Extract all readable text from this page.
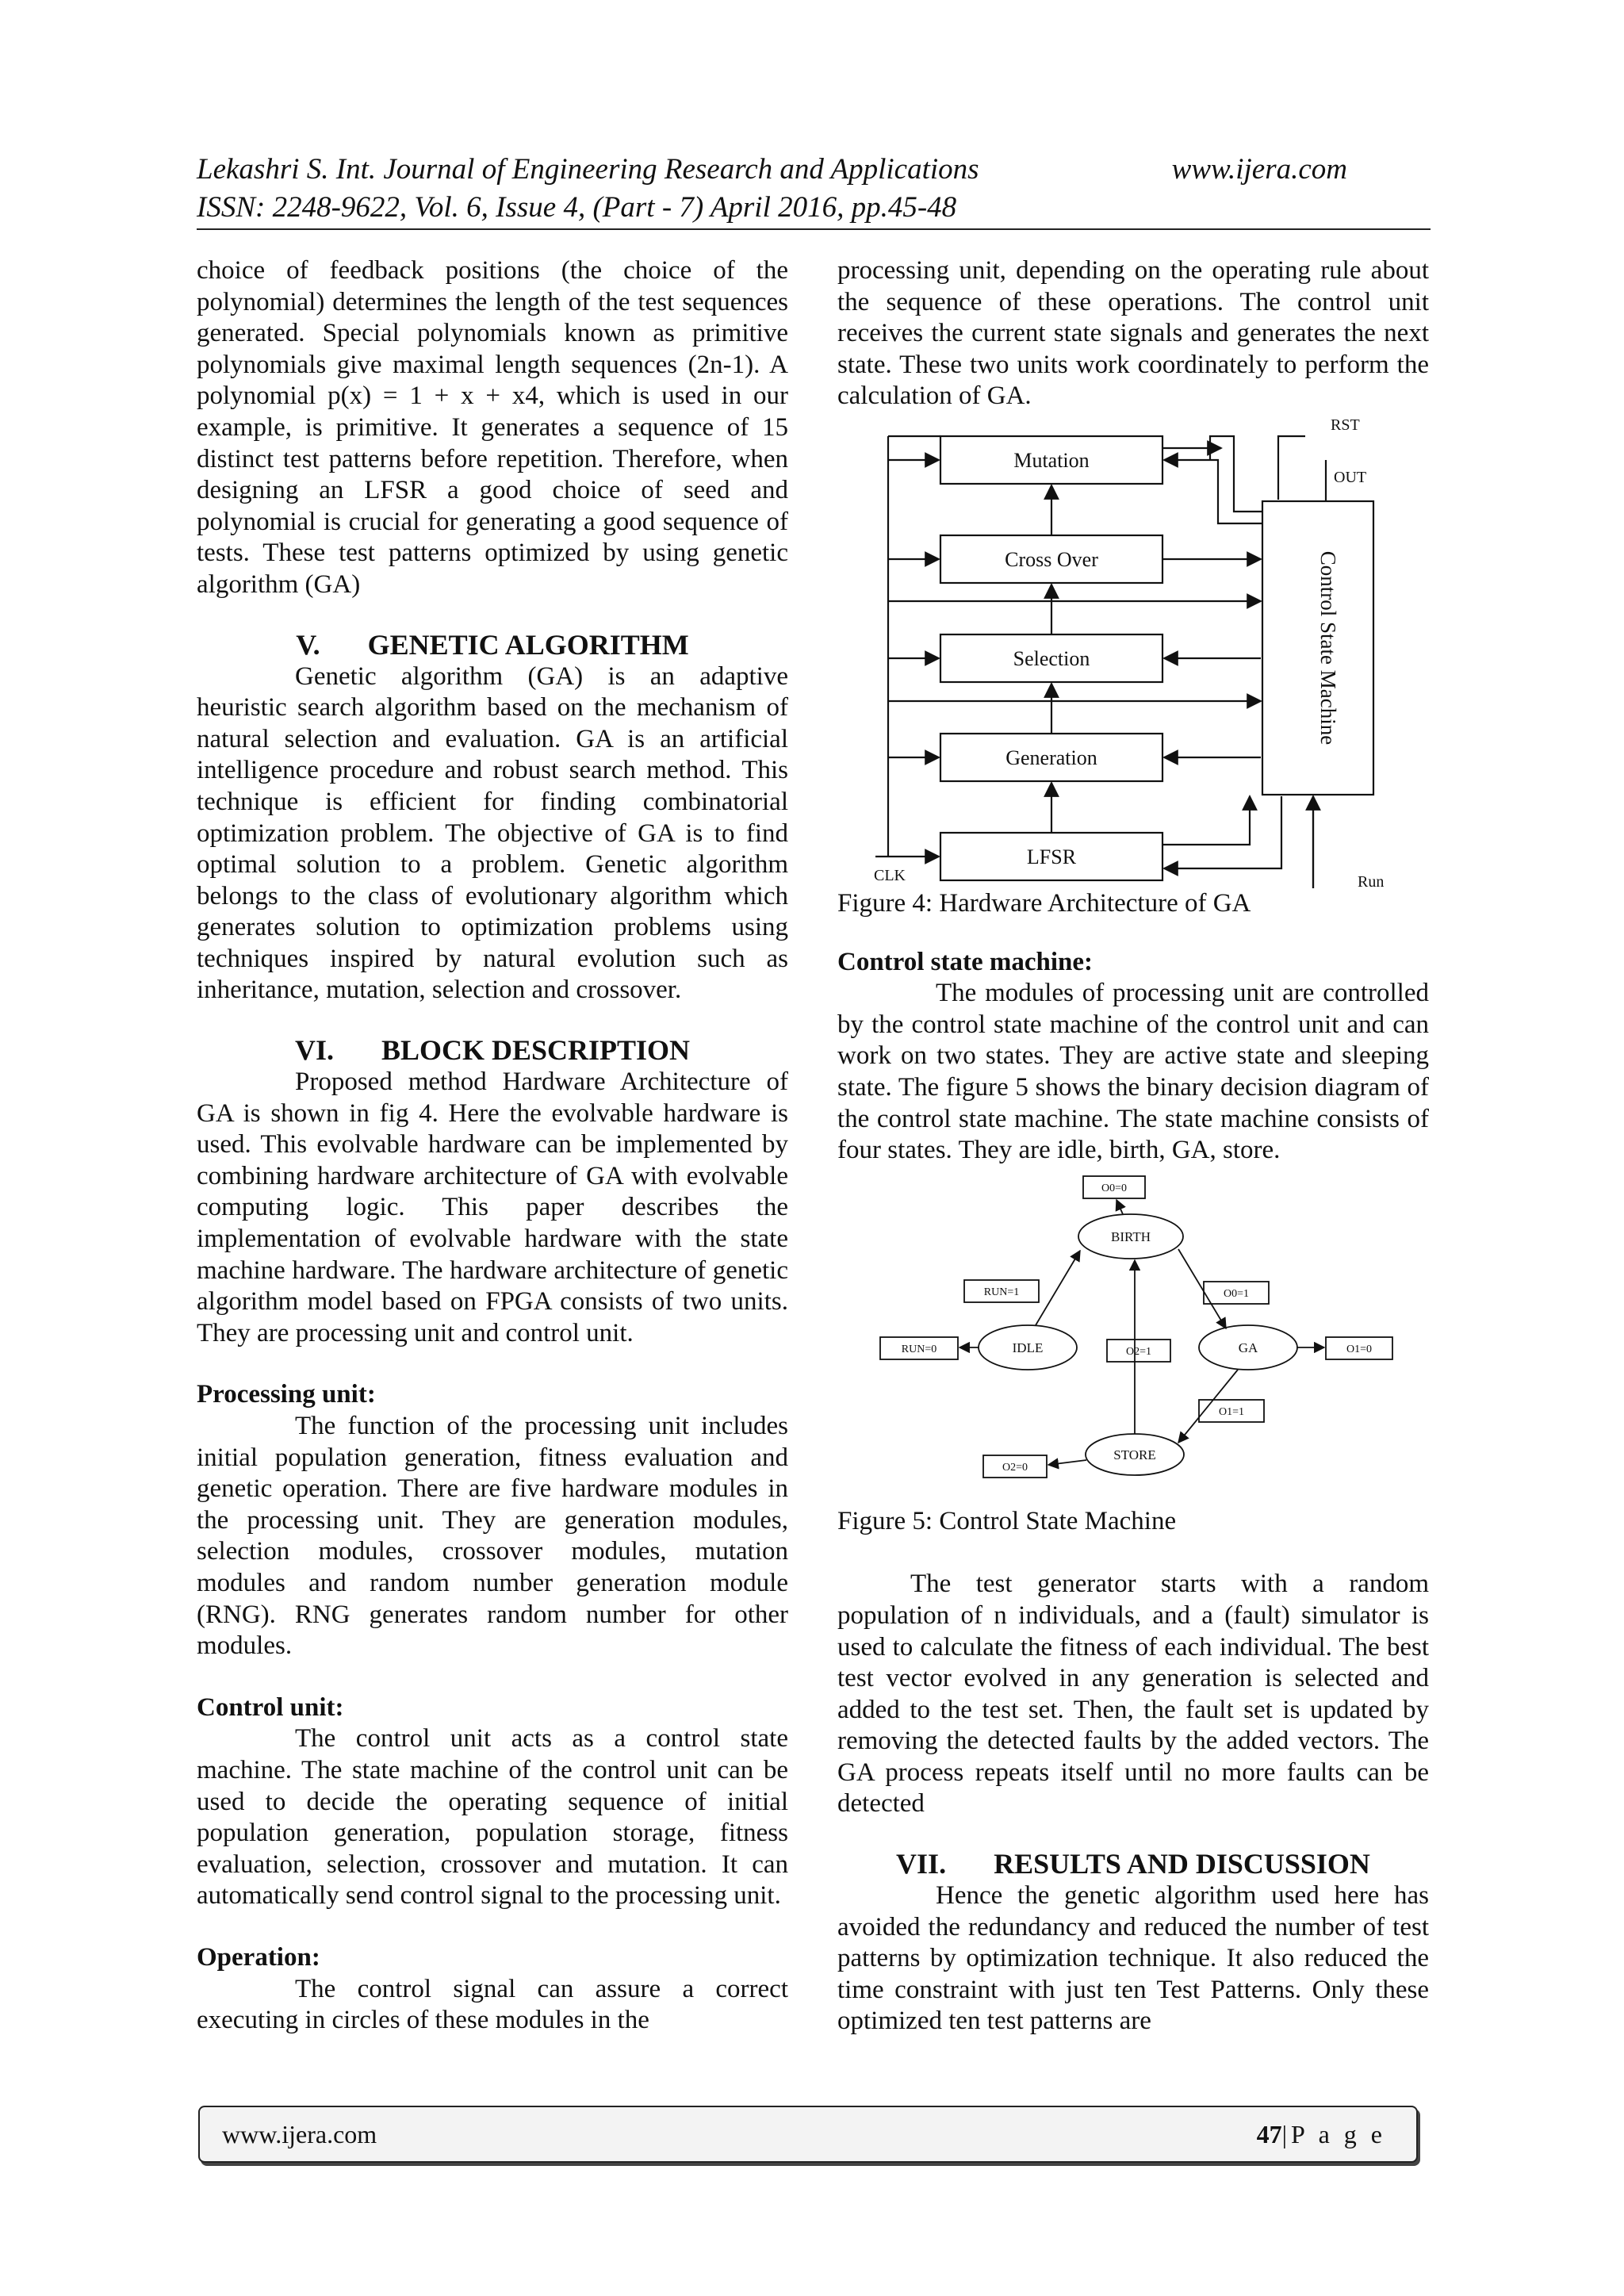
Lekashri S. Int. Journal of Engineering Research and Applications	www.ijera.com
ISSN: 2248-9622, Vol. 6, Issue 4, (Part - 7) April 2016, pp.45-48

choice of feedback positions (the choice of the polynomial) determines the length of the test sequences generated. Special polynomials known as primitive polynomials give maximal length sequences (2n-1). A polynomial p(x) = 1 + x + x4, which is used in our example, is primitive. It generates a sequence of 15 distinct test patterns before repetition. Therefore, when designing an LFSR a good choice of seed and polynomial is crucial for generating a good sequence of tests. These test patterns optimized by using genetic algorithm (GA)

V. GENETIC ALGORITHM

Genetic algorithm (GA) is an adaptive heuristic search algorithm based on the mechanism of natural selection and evaluation. GA is an artificial intelligence procedure and robust search method. This technique is efficient for finding combinatorial optimization problem. The objective of GA is to find optimal solution to a problem. Genetic algorithm belongs to the class of evolutionary algorithm which generates solution to optimization problems using techniques inspired by natural evolution such as inheritance, mutation, selection and crossover.

VI. BLOCK DESCRIPTION

Proposed method Hardware Architecture of GA is shown in fig 4. Here the evolvable hardware is used. This evolvable hardware can be implemented by combining hardware architecture of GA with evolvable computing logic. This paper describes the implementation of evolvable hardware with the state machine hardware. The hardware architecture of genetic algorithm model based on FPGA consists of two units. They are processing unit and control unit.

Processing unit:

The function of the processing unit includes initial population generation, fitness evaluation and genetic operation. There are five hardware modules in the processing unit. They are generation modules, selection modules, crossover modules, mutation modules and random number generation module (RNG). RNG generates random number for other modules.

Control unit:

The control unit acts as a control state machine. The state machine of the control unit can be used to decide the operating sequence of initial population generation, population storage, fitness evaluation, selection, crossover and mutation. It can automatically send control signal to the processing unit.

Operation:

The control signal can assure a correct executing in circles of these modules in the

processing unit, depending on the operating rule about the sequence of these operations. The control unit receives the current state signals and generates the next state. These two units work coordinately to perform the calculation of GA.

Mutation
Cross Over
Selection
Generation
LFSR
Control State Machine
RST
OUT
CLK	Run

Figure 4: Hardware Architecture of GA

Control state machine:

The modules of processing unit are controlled by the control state machine of the control unit and can work on two states. They are active state and sleeping state. The figure 5 shows the binary decision diagram of the control state machine. The state machine consists of four states. They are idle, birth, GA, store.

BIRTH
IDLE	GA
STORE
O0=0
RUN=1	O0=1
RUN=0	O2=1	O1=0
O1=1
O2=0

Figure 5: Control State Machine

The test generator starts with a random population of n individuals, and a (fault) simulator is used to calculate the fitness of each individual. The best test vector evolved in any generation is selected and added to the test set. Then, the fault set is updated by removing the detected faults by the added vectors. The GA process repeats itself until no more faults can be detected

VII. RESULTS AND DISCUSSION

Hence the genetic algorithm used here has avoided the redundancy and reduced the number of test patterns by optimization technique. It also reduced the time constraint with just ten Test Patterns. Only these optimized ten test patterns are

www.ijera.com	47|P a g e
